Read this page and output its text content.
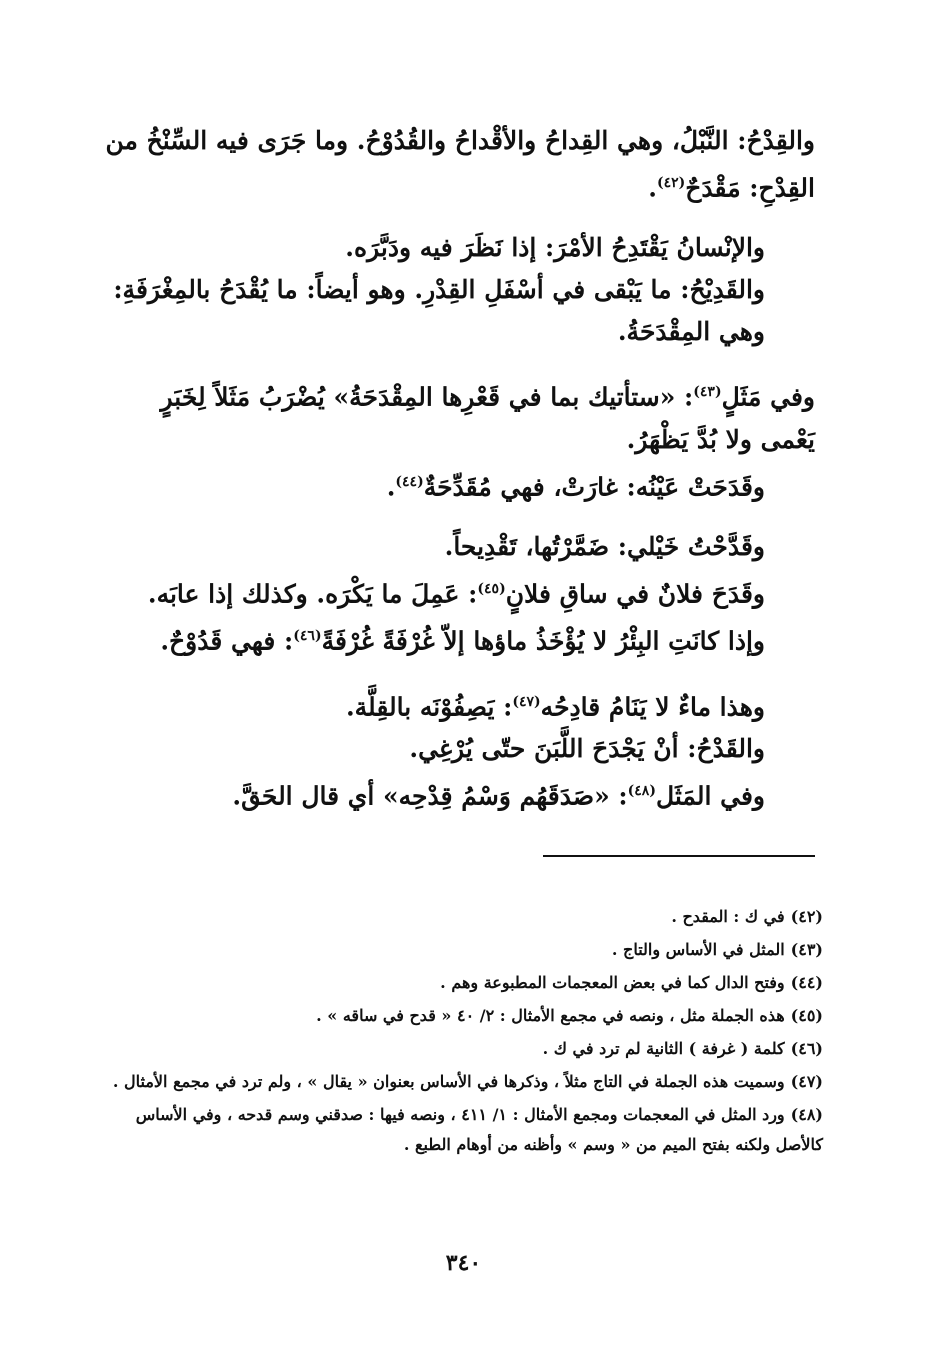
والقِدْحُ: النَّبْلُ، وهي القِداحُ والأقْداحُ والقُدُوْحُ. وما جَرَى فيه السِّنْخُ من القِدْحِ: مَقْدَحٌ$^{(٤٢)}$.

والإنْسانُ يَقْتَدِحُ الأمْرَ: إذا نَظَرَ فيه ودَبَّرَه.

والقَدِيْحُ: ما يَبْقى في أسْفَلِ القِدْرِ. وهو أيضاً: ما يُقْدَحُ بالمِغْرَفَةِ: وهي المِقْدَحَةُ.

وفي مَثَلٍ$^{(٤٣)}$: «ستأتيك بما في قَعْرِها المِقْدَحَةُ» يُضْرَبُ مَثَلاً لِخَبَرٍ يَعْمى ولا بُدَّ يَظْهَرُ.

وقَدَحَتْ عَيْنُه: غارَتْ، فهي مُقَدِّحَةٌ$^{(٤٤)}$.

وقَدَّحْتُ خَيْلي: ضَمَّرْتُها، تَقْدِيحاً.

وقَدَحَ فلانٌ في ساقِ فلانٍ$^{(٤٥)}$: عَمِلَ ما يَكْرَه. وكذلك إذا عابَه.

وإذا كانَتِ البِئْرُ لا يُؤْخَذُ ماؤها إلاّ غُرْفَةً غُرْفَةً$^{(٤٦)}$: فهي قَدُوْحٌ.

وهذا ماءٌ لا يَنَامُ قادِحُه$^{(٤٧)}$: يَصِفُوْنَه بالقِلَّة.

والقَدْحُ: أنْ يَجْدَحَ اللَّبَنَ حتّى يُرْغِي.

وفي المَثَل$^{(٤٨)}$: «صَدَقَهُم وَسْمُ قِدْحِه» أي قال الحَقَّ.

(٤٢)في ك : المقدح .

(٤٣)المثل في الأساس والتاج .

(٤٤)وفتح الدال كما في بعض المعجمات المطبوعة وهم .

(٤٥)هذه الجملة مثل ، ونصه في مجمع الأمثال : ٢/ ٤٠ « قدح في ساقه » .

(٤٦)كلمة ( غرفة ) الثانية لم ترد في ك .

(٤٧)وسميت هذه الجملة في التاج مثلاً ، وذكرها في الأساس بعنوان « يقال » ، ولم ترد في مجمع الأمثال .

(٤٨)ورد المثل في المعجمات ومجمع الأمثال : ١/ ٤١١ ، ونصه فيها : صدقني وسم قدحه ، وفي الأساس كالأصل ولكنه بفتح الميم من « وسم » وأظنه من أوهام الطبع .

٣٤٠
